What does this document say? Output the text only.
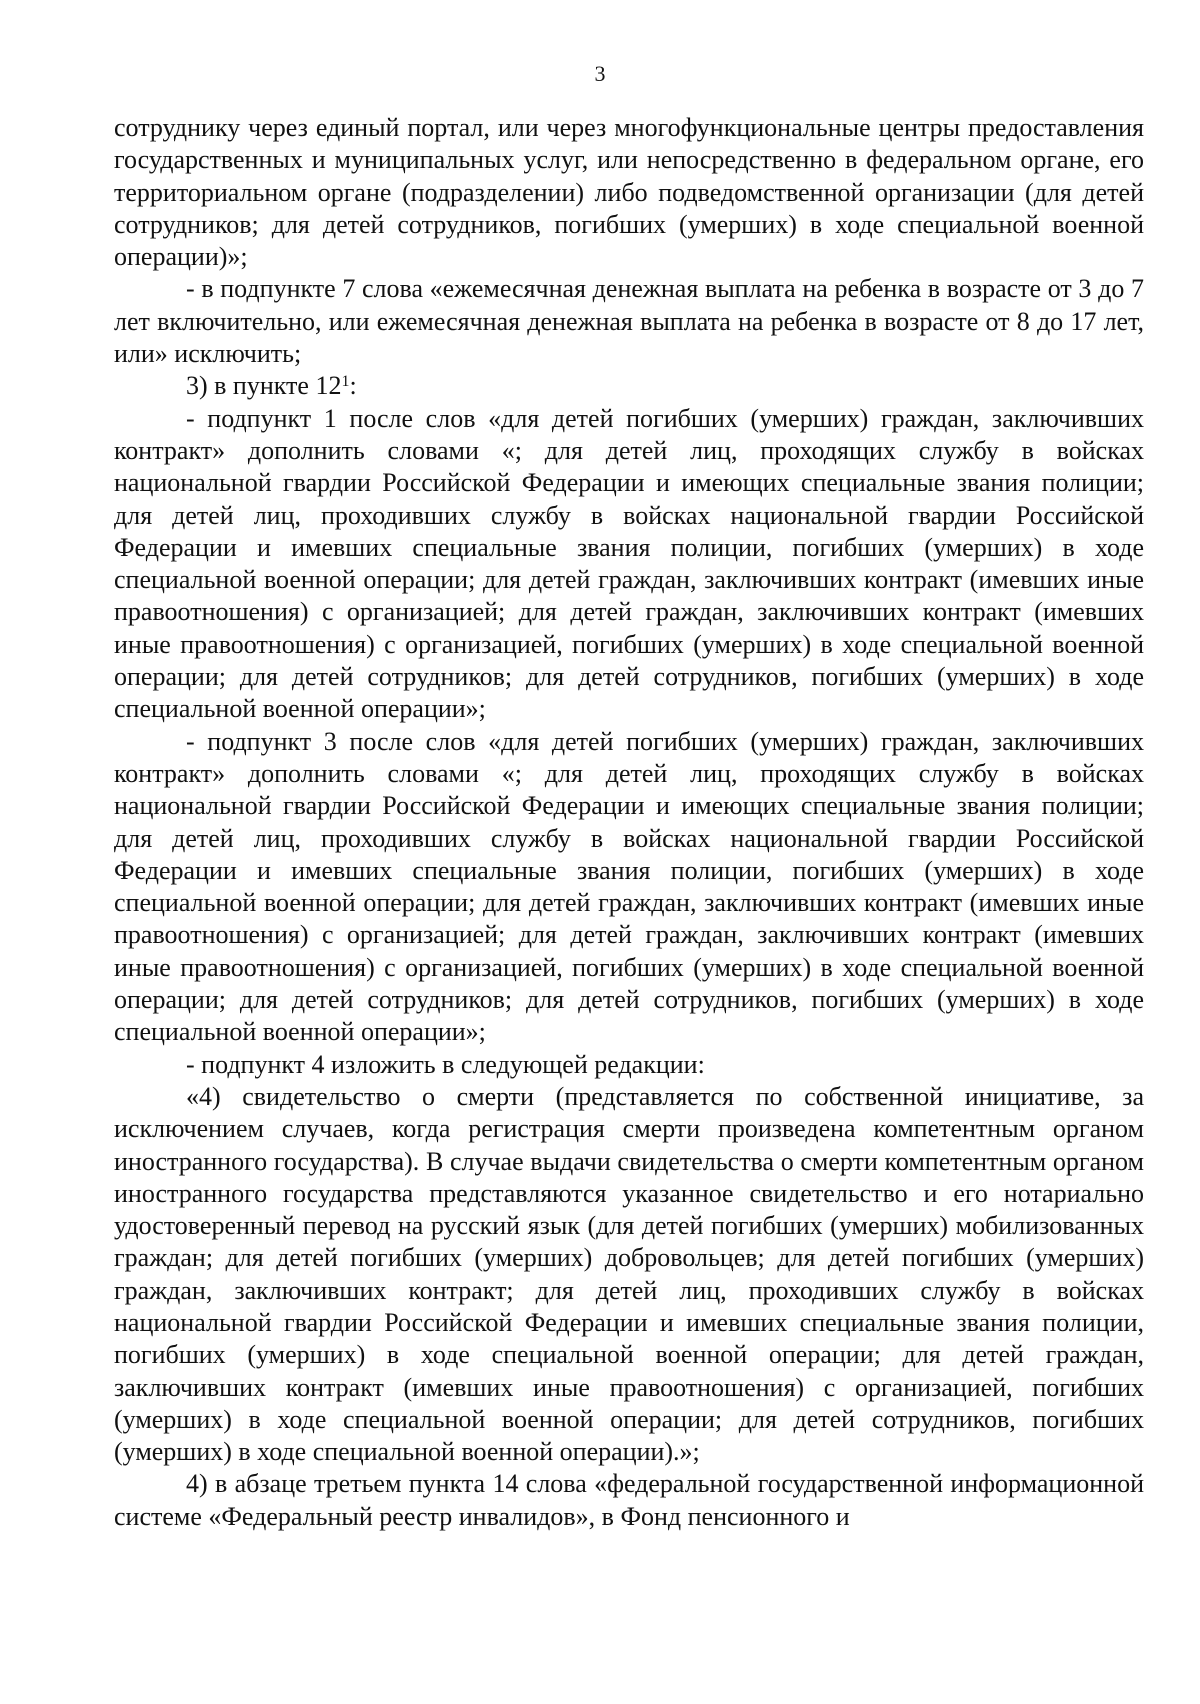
3

сотруднику через единый портал, или через многофункциональные центры предоставления государственных и муниципальных услуг, или непосредственно в федеральном органе, его территориальном органе (подразделении) либо подведомственной организации (для детей сотрудников; для детей сотрудников, погибших (умерших) в ходе специальной военной операции)»;

- в подпункте 7 слова «ежемесячная денежная выплата на ребенка в возрасте от 3 до 7 лет включительно, или ежемесячная денежная выплата на ребенка в возрасте от 8 до 17 лет, или» исключить;

3) в пункте $12^1$:

- подпункт 1 после слов «для детей погибших (умерших) граждан, заключивших контракт» дополнить словами «; для детей лиц, проходящих службу в войсках национальной гвардии Российской Федерации и имеющих специальные звания полиции; для детей лиц, проходивших службу в войсках национальной гвардии Российской Федерации и имевших специальные звания полиции, погибших (умерших) в ходе специальной военной операции; для детей граждан, заключивших контракт (имевших иные правоотношения) с организацией; для детей граждан, заключивших контракт (имевших иные правоотношения) с организацией, погибших (умерших) в ходе специальной военной операции; для детей сотрудников; для детей сотрудников, погибших (умерших) в ходе специальной военной операции»;

- подпункт 3 после слов «для детей погибших (умерших) граждан, заключивших контракт» дополнить словами «; для детей лиц, проходящих службу в войсках национальной гвардии Российской Федерации и имеющих специальные звания полиции; для детей лиц, проходивших службу в войсках национальной гвардии Российской Федерации и имевших специальные звания полиции, погибших (умерших) в ходе специальной военной операции; для детей граждан, заключивших контракт (имевших иные правоотношения) с организацией; для детей граждан, заключивших контракт (имевших иные правоотношения) с организацией, погибших (умерших) в ходе специальной военной операции; для детей сотрудников; для детей сотрудников, погибших (умерших) в ходе специальной военной операции»;

- подпункт 4 изложить в следующей редакции:

«4) свидетельство о смерти (представляется по собственной инициативе, за исключением случаев, когда регистрация смерти произведена компетентным органом иностранного государства). В случае выдачи свидетельства о смерти компетентным органом иностранного государства представляются указанное свидетельство и его нотариально удостоверенный перевод на русский язык (для детей погибших (умерших) мобилизованных граждан; для детей погибших (умерших) добровольцев; для детей погибших (умерших) граждан, заключивших контракт; для детей лиц, проходивших службу в войсках национальной гвардии Российской Федерации и имевших специальные звания полиции, погибших (умерших) в ходе специальной военной операции; для детей граждан, заключивших контракт (имевших иные правоотношения) с организацией, погибших (умерших) в ходе специальной военной операции; для детей сотрудников, погибших (умерших) в ходе специальной военной операции).»;

4) в абзаце третьем пункта 14 слова «федеральной государственной информационной системе «Федеральный реестр инвалидов», в Фонд пенсионного и
